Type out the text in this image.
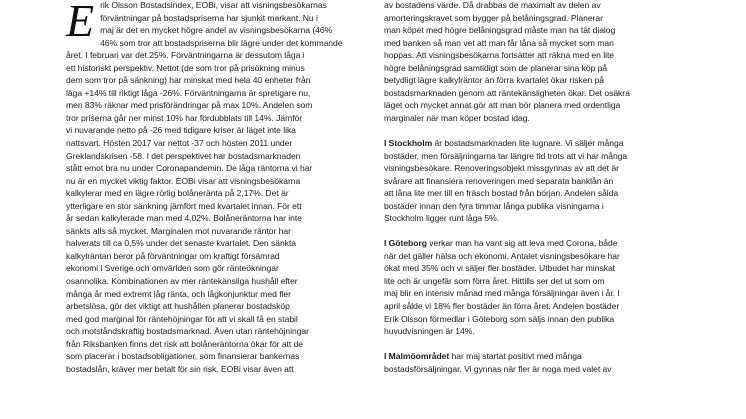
Erik Olsson Bostadsindex, EOBi, visar att visningsbesökarnas
förväntningar på bostadspriserna har sjunkit markant. Nu i
maj är det en mycket högre andel av visningsbesökarna (46%
46% som tror att bostadspriserna blir lägre under det kommande
året. I februari var det 25%. Förväntningarna är dessutom låga i
ett historiskt perspektiv. Nettot (de som tror på prisökning minus
dem som tror på sänkning) har minskat med hela 40 enheter från
läga +14% till riktigt låga -26%. Förväntningarna är spretigare nu,
men 83% räknar med prisförändringar på max 10%. Andelen som
tror priserna går ner minst 10% har fördubblats till 14%. Jämför
vi nuvarande netto på -26 med tidigare kriser är läget inte lika
nattsvart. Hösten 2017 var nettot -37 och hösten 2011 under
Greklandskrisen -58. I det perspektivet har bostadsmarknaden
stått emot bra nu under Coronapandemin. De låga räntorna vi har
nu är en mycket viktig faktor. EOBi visar att visningsbesökarna
kalkylerar med en lägre rörlig bolåneränta på 2,17%. Det är
ytterligare en stor sänkning jämfört med kvartalet innan. För ett
år sedan kalkylerade man med 4,02%. Bolåneräntorna har inte
sänkts alls så mycket. Marginalen mot nuvarande räntor har
halverats till ca 0,5% under det senaste kvartalet. Den sänkta
kalkylräntan beror på förväntningar om kraftigt försämrad
ekonomi i Sverige och omvärlden som gör ränteökningar
osannolika. Kombinationen av mer räntekänsliga hushåll efter
många år med extremt låg ränta, och lågkonjunktur med fler
arbetslösa, gör det viktigt att hushållen planerar bostadsköp
med god marginal för räntehöjningar för att vi skall få en stabil
och motståndskraftig bostadsmarknad. Även utan räntehöjningar
från Riksbanken finns det risk att bolåneräntorna ökar för att de
som placerar i bostadsobligationer, som finansierar bankernas
bostadslån, kräver mer betalt för sin risk. EOBi visar även att

av bostadens värde. Då drabbas de maximalt av delen av
amorteringskravet som bygger på belåningsgrad. Planerar
man köpet med högre belåningsgrad måste man ha tät dialog
med banken så man vet att man får låna så mycket som man
hoppas. Att visningsbesökarna fortsätter att räkna med en lite
högre belåningsgrad samtidigt som de planerar sina köp på
betydligt lägre kalkylräntor än förra kvartalet ökar risken på
bostadsmarknaden genom att räntekänsligheten ökar. Det osäkra
läget och mycket annat gör att man bör planera med ordentliga
marginaler när man köper bostad idag.

I Stockholm är bostadsmarknaden lite lugnare. Vi säljer många
bostäder, men försäljningarna tar längre tid trots att vi har många
visningsbesökare. Renoveringsobjekt missgynnas av att det är
svårare att finansiera renoveringen med separata banklån än
att låna lite mer till en fräsch bostad från början. Andelen sålda
bostäder innan den fyra timmar långa publika visningarna i
Stockholm ligger runt låga 5%.

I Göteborg verkar man ha vant sig att leva med Corona, både
när det gäller hälsa och ekonomi. Antalet visningsbesökare har
ökat med 35% och vi säljer fler bostäder. Utbudet har minskat
lite och är ungefär som förra året. Hittills ser det ut som om
maj blir en intensiv månad med många försäljningar även i år. I
april sålde vi 18% fler bostäder än förra året. Andelen bostäder
Erik Olsson förmedlar i Göteborg som säljs innan den publika
huvudvisningen är 14%.

I Malmöområdet har maj startat positivt med många
bostadsförsäljningar. Vi gynnas när fler är noga med valet av
